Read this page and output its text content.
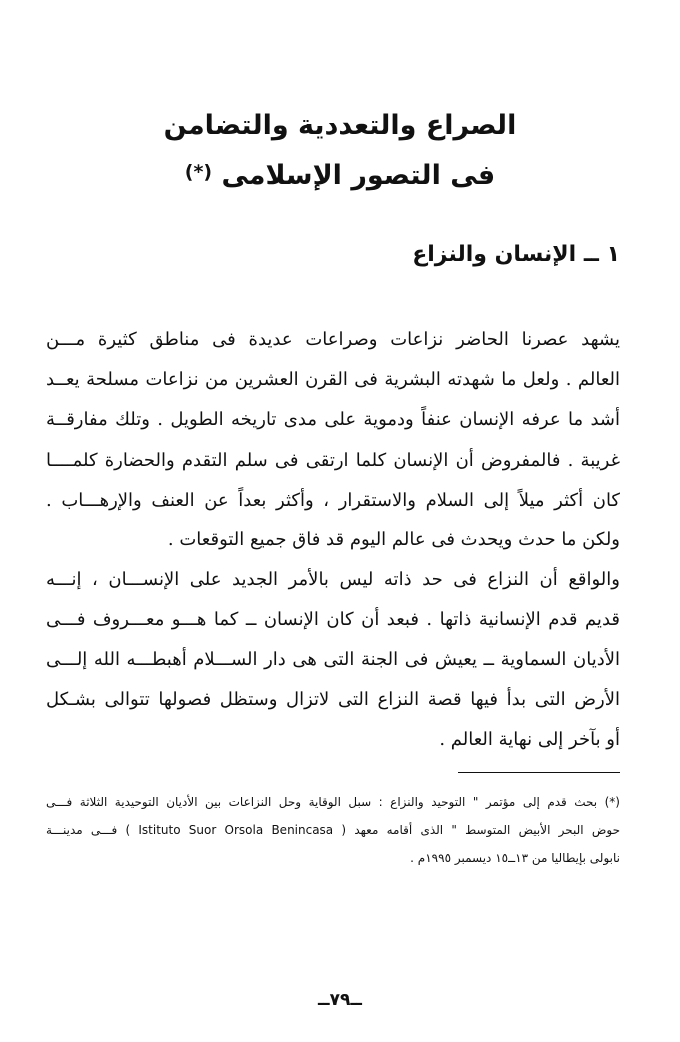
الصراع والتعددية والتضامن
فى التصور الإسلامى (*)
١ ــ الإنسان والنزاع
يشهد عصرنا الحاضر نزاعات وصراعات عديدة فى مناطق كثيرة مـــن
العالم . ولعل ما شهدته البشرية فى القرن العشرين من نزاعات مسلحة يعــد
أشد ما عرفه الإنسان عنفاً ودموية على مدى تاريخه الطويل . وتلك مفارقــة
غريبة . فالمفروض أن الإنسان كلما ارتقى فى سلم التقدم والحضارة كلمــــا
كان أكثر ميلاً إلى السلام والاستقرار ، وأكثر بعداً عن العنف والإرهـــاب .
ولكن ما حدث ويحدث فى عالم اليوم قد فاق جميع التوقعات .
والواقع أن النزاع فى حد ذاته ليس بالأمر الجديد على الإنســـان ، إنـــه
قديم قدم الإنسانية ذاتها . فبعد أن كان الإنسان ــ كما هـــو معـــروف فـــى
الأديان السماوية ــ يعيش فى الجنة التى هى دار الســـلام أهبطـــه الله إلـــى
الأرض التى بدأ فيها قصة النزاع التى لاتزال وستظل فصولها تتوالى بشـكل
أو بآخر إلى نهاية العالم .
(*) بحث قدم إلى مؤتمر " التوحيد والنزاع : سبل الوقاية وحل النزاعات بين الأديان التوحيدية الثلاثة فـــى
حوض البحر الأبيض المتوسط " الذى أقامه معهد ( Istituto Suor Orsola Benincasa ) فـــى مدينـــة
نابولى بإيطاليا من ١٣ــ١٥ ديسمبر ١٩٩٥م .
ــ٧٩ــ
